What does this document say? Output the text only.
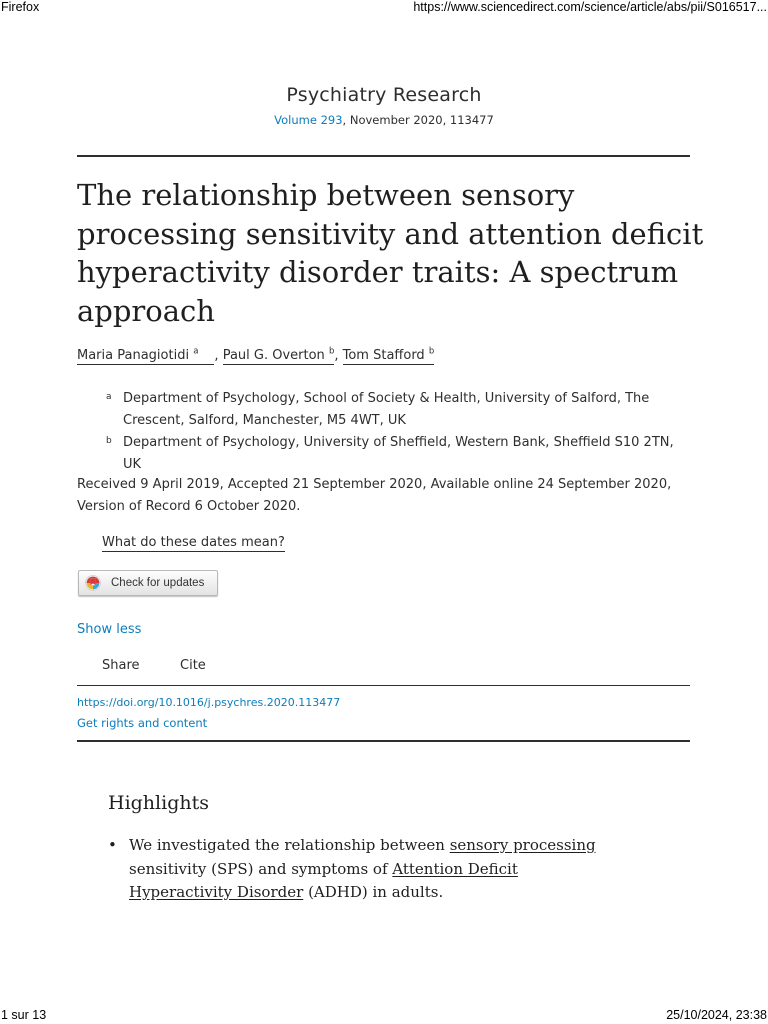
Firefox	https://www.sciencedirect.com/science/article/abs/pii/S016517...
Psychiatry Research
Volume 293, November 2020, 113477
The relationship between sensory processing sensitivity and attention deficit hyperactivity disorder traits: A spectrum approach
Maria Panagiotidi $^a$ , Paul G. Overton $^b$, Tom Stafford $^b$
a Department of Psychology, School of Society & Health, University of Salford, The Crescent, Salford, Manchester, M5 4WT, UK
b Department of Psychology, University of Sheffield, Western Bank, Sheffield S10 2TN, UK
Received 9 April 2019, Accepted 21 September 2020, Available online 24 September 2020, Version of Record 6 October 2020.
What do these dates mean?
Check for updates
Show less
Share	Cite
https://doi.org/10.1016/j.psychres.2020.113477
Get rights and content
Highlights
• We investigated the relationship between sensory processing sensitivity (SPS) and symptoms of Attention Deficit Hyperactivity Disorder (ADHD) in adults.
1 sur 13	25/10/2024, 23:38
